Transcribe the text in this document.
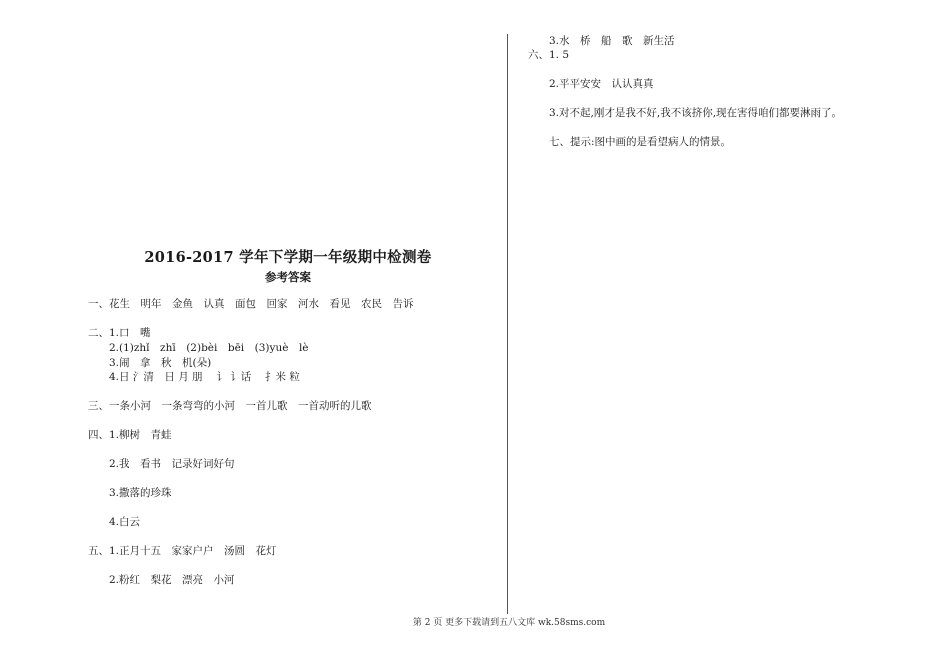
2016-2017 学年下学期一年级期中检测卷
参考答案
一、花生　明年　金鱼　认真　面包　回家　河水　看见　农民　告诉
二、1.口　嘴
2.(1)zhǐ　zhī　(2)bèi　bēi　(3)yuè　lè
3.闹　拿　秋　机(朵)
4.日 氵清　日 月 朋　 讠 讠话　 扌米 粒
三、一条小河　一条弯弯的小河　一首儿歌　一首动听的儿歌
四、1.柳树　青蛙
2.我　看书　记录好词好句
3.撒落的珍珠
4.白云
五、1.正月十五　家家户户　汤圆　花灯
2.粉红　梨花　漂亮　小河
3.水　桥　船　歌　新生活
六、1. 5
2.平平安安　认认真真
3.对不起,刚才是我不好,我不该挤你,现在害得咱们都要淋雨了。
七、提示:图中画的是看望病人的情景。
第 2 页 更多下载请到五八文库 wk.58sms.com
